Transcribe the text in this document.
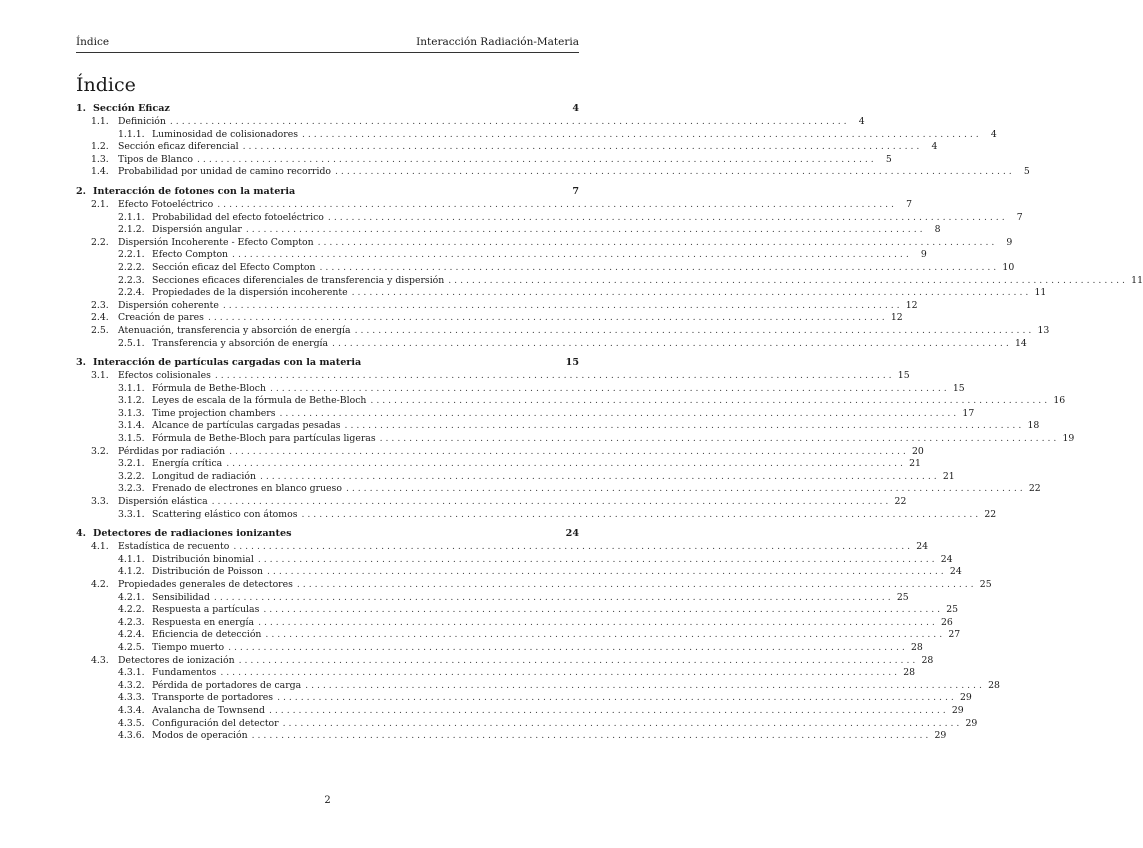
Índice	Interacción Radiación-Materia
Índice
1. Sección Eficaz	4
1.1. Definición . . .	4
1.1.1. Luminosidad de colisionadores . . .	4
1.2. Sección eficaz diferencial . . .	4
1.3. Tipos de Blanco . . .	5
1.4. Probabilidad por unidad de camino recorrido . . .	5
2. Interacción de fotones con la materia	7
2.1. Efecto Fotoeléctrico . . .	7
2.1.1. Probabilidad del efecto fotoeléctrico . . .	7
2.1.2. Dispersión angular . . .	8
2.2. Dispersión Incoherente - Efecto Compton . . .	9
2.2.1. Efecto Compton . . .	9
2.2.2. Sección eficaz del Efecto Compton . . .	10
2.2.3. Secciones eficaces diferenciales de transferencia y dispersión . . .	11
2.2.4. Propiedades de la dispersión incoherente . . .	11
2.3. Dispersión coherente . . .	12
2.4. Creación de pares . . .	12
2.5. Atenuación, transferencia y absorción de energía . . .	13
2.5.1. Transferencia y absorción de energía . . .	14
3. Interacción de partículas cargadas con la materia	15
3.1. Efectos colisionales . . .	15
3.1.1. Fórmula de Bethe-Bloch . . .	15
3.1.2. Leyes de escala de la fórmula de Bethe-Bloch . . .	16
3.1.3. Time projection chambers . . .	17
3.1.4. Alcance de partículas cargadas pesadas . . .	18
3.1.5. Fórmula de Bethe-Bloch para partículas ligeras . . .	19
3.2. Pérdidas por radiación . . .	20
3.2.1. Energía crítica . . .	21
3.2.2. Longitud de radiación . . .	21
3.2.3. Frenado de electrones en blanco grueso . . .	22
3.3. Dispersión elástica . . .	22
3.3.1. Scattering elástico con átomos . . .	22
4. Detectores de radiaciones ionizantes	24
4.1. Estadística de recuento . . .	24
4.1.1. Distribución binomial . . .	24
4.1.2. Distribución de Poisson . . .	24
4.2. Propiedades generales de detectores . . .	25
4.2.1. Sensibilidad . . .	25
4.2.2. Respuesta a partículas . . .	25
4.2.3. Respuesta en energía . . .	26
4.2.4. Eficiencia de detección . . .	27
4.2.5. Tiempo muerto . . .	28
4.3. Detectores de ionización . . .	28
4.3.1. Fundamentos . . .	28
4.3.2. Pérdida de portadores de carga . . .	28
4.3.3. Transporte de portadores . . .	29
4.3.4. Avalancha de Townsend . . .	29
4.3.5. Configuración del detector . . .	29
4.3.6. Modos de operación . . .	29
2
